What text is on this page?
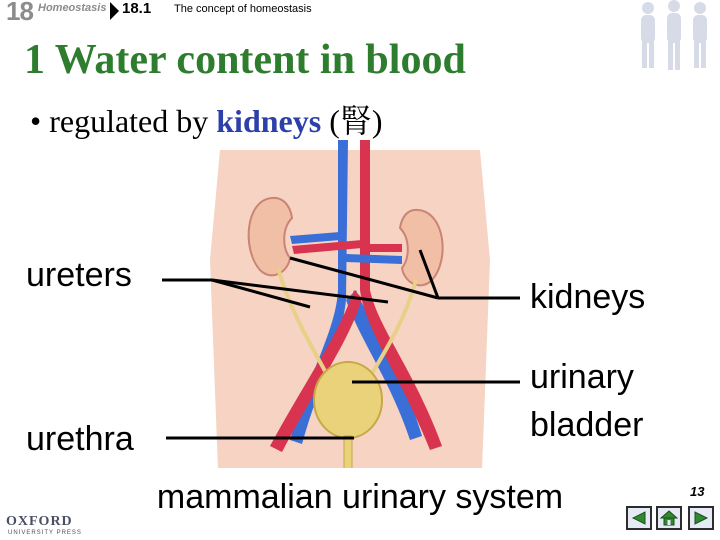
18 Homeostasis 18.1 The concept of homeostasis
1 Water content in blood
• regulated by kidneys (腎)
ureters
kidneys
urinary
bladder
urethra
mammalian urinary system
OXFORD
UNIVERSITY PRESS
13
